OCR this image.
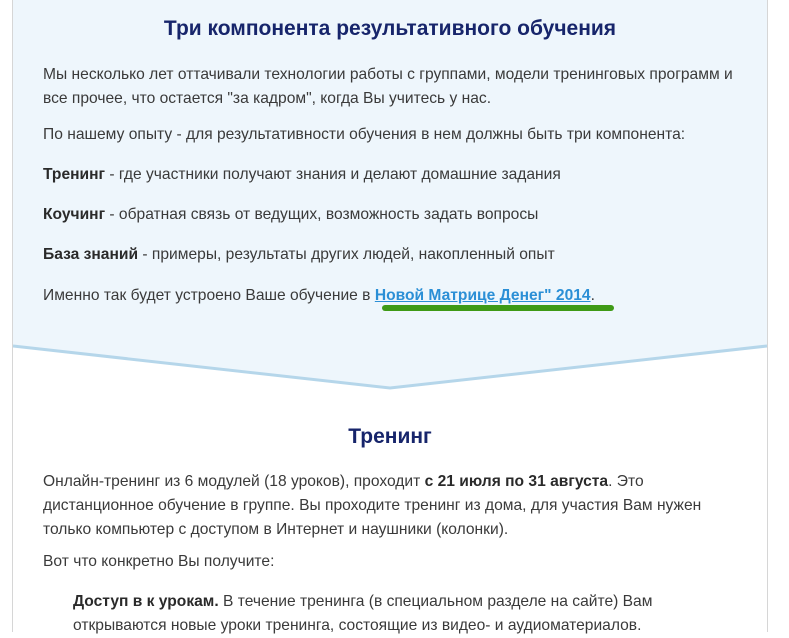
Три компонента результативного обучения

Мы несколько лет оттачивали технологии работы с группами, модели тренинговых программ и все прочее, что остается "за кадром", когда Вы учитесь у нас.

По нашему опыту - для результативности обучения в нем должны быть три компонента:

Тренинг - где участники получают знания и делают домашние задания

Коучинг - обратная связь от ведущих, возможность задать вопросы

База знаний - примеры, результаты других людей, накопленный опыт

Именно так будет устроено Ваше обучение в Новой Матрице Денег" 2014.

Тренинг

Онлайн-тренинг из 6 модулей (18 уроков), проходит с 21 июля по 31 августа. Это дистанционное обучение в группе. Вы проходите тренинг из дома, для участия Вам нужен только компьютер с доступом в Интернет и наушники (колонки).

Вот что конкретно Вы получите:

Доступ в к урокам. В течение тренинга (в специальном разделе на сайте) Вам открываются новые уроки тренинга, состоящие из видео- и аудиоматериалов.
